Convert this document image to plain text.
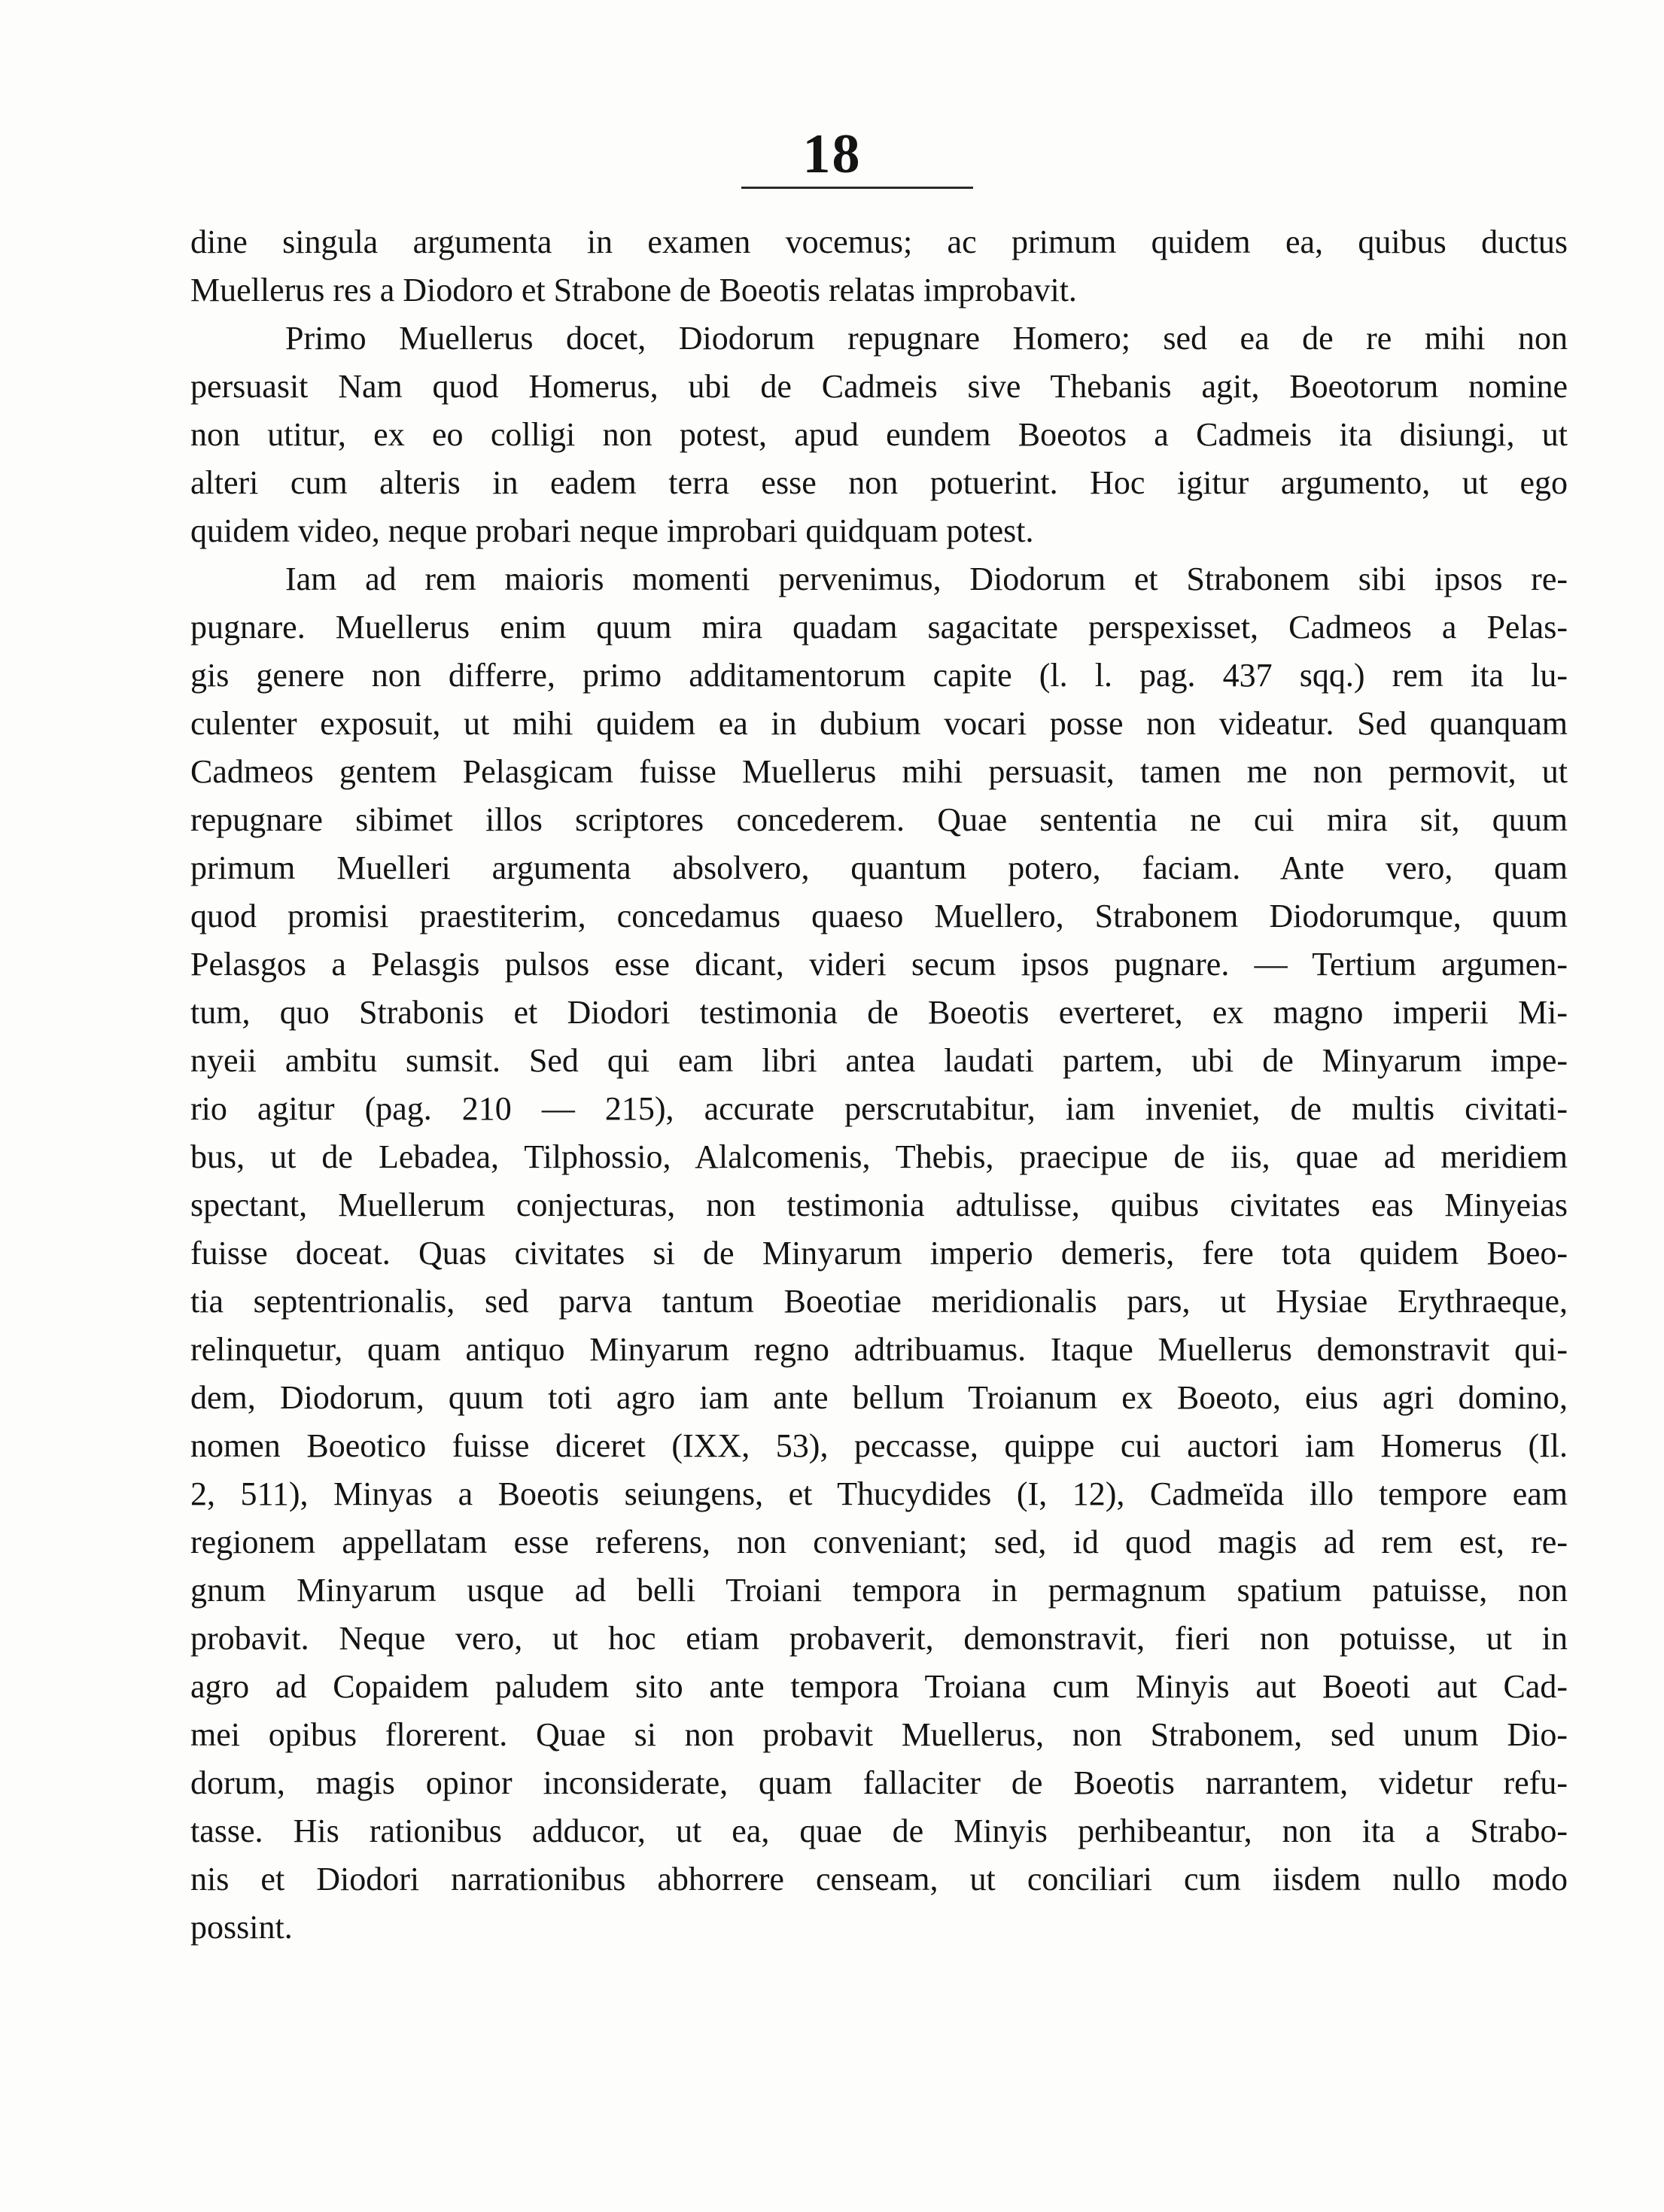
18
dine singula argumenta in examen vocemus; ac primum quidem ea, quibus ductus
Muellerus res a Diodoro et Strabone de Boeotis relatas improbavit.
Primo Muellerus docet, Diodorum repugnare Homero; sed ea de re mihi non
persuasit Nam quod Homerus, ubi de Cadmeis sive Thebanis agit, Boeotorum nomine
non utitur, ex eo colligi non potest, apud eundem Boeotos a Cadmeis ita disiungi, ut
alteri cum alteris in eadem terra esse non potuerint. Hoc igitur argumento, ut ego
quidem video, neque probari neque improbari quidquam potest.
Iam ad rem maioris momenti pervenimus, Diodorum et Strabonem sibi ipsos re-
pugnare. Muellerus enim quum mira quadam sagacitate perspexisset, Cadmeos a Pelas-
gis genere non differre, primo additamentorum capite (l. l. pag. 437 sqq.) rem ita lu-
culenter exposuit, ut mihi quidem ea in dubium vocari posse non videatur. Sed quanquam
Cadmeos gentem Pelasgicam fuisse Muellerus mihi persuasit, tamen me non permovit, ut
repugnare sibimet illos scriptores concederem. Quae sententia ne cui mira sit, quum
primum Muelleri argumenta absolvero, quantum potero, faciam. Ante vero, quam
quod promisi praestiterim, concedamus quaeso Muellero, Strabonem Diodorumque, quum
Pelasgos a Pelasgis pulsos esse dicant, videri secum ipsos pugnare. — Tertium argumen-
tum, quo Strabonis et Diodori testimonia de Boeotis everteret, ex magno imperii Mi-
nyeii ambitu sumsit. Sed qui eam libri antea laudati partem, ubi de Minyarum impe-
rio agitur (pag. 210 — 215), accurate perscrutabitur, iam inveniet, de multis civitati-
bus, ut de Lebadea, Tilphossio, Alalcomenis, Thebis, praecipue de iis, quae ad meridiem
spectant, Muellerum conjecturas, non testimonia adtulisse, quibus civitates eas Minyeias
fuisse doceat. Quas civitates si de Minyarum imperio demeris, fere tota quidem Boeo-
tia septentrionalis, sed parva tantum Boeotiae meridionalis pars, ut Hysiae Erythraeque,
relinquetur, quam antiquo Minyarum regno adtribuamus. Itaque Muellerus demonstravit qui-
dem, Diodorum, quum toti agro iam ante bellum Troianum ex Boeoto, eius agri domino,
nomen Boeotico fuisse diceret (IXX, 53), peccasse, quippe cui auctori iam Homerus (Il.
2, 511), Minyas a Boeotis seiungens, et Thucydides (I, 12), Cadmeïda illo tempore eam
regionem appellatam esse referens, non conveniant; sed, id quod magis ad rem est, re-
gnum Minyarum usque ad belli Troiani tempora in permagnum spatium patuisse, non
probavit. Neque vero, ut hoc etiam probaverit, demonstravit, fieri non potuisse, ut in
agro ad Copaidem paludem sito ante tempora Troiana cum Minyis aut Boeoti aut Cad-
mei opibus florerent. Quae si non probavit Muellerus, non Strabonem, sed unum Dio-
dorum, magis opinor inconsiderate, quam fallaciter de Boeotis narrantem, videtur refu-
tasse. His rationibus adducor, ut ea, quae de Minyis perhibeantur, non ita a Strabo-
nis et Diodori narrationibus abhorrere censeam, ut conciliari cum iisdem nullo modo
possint.
